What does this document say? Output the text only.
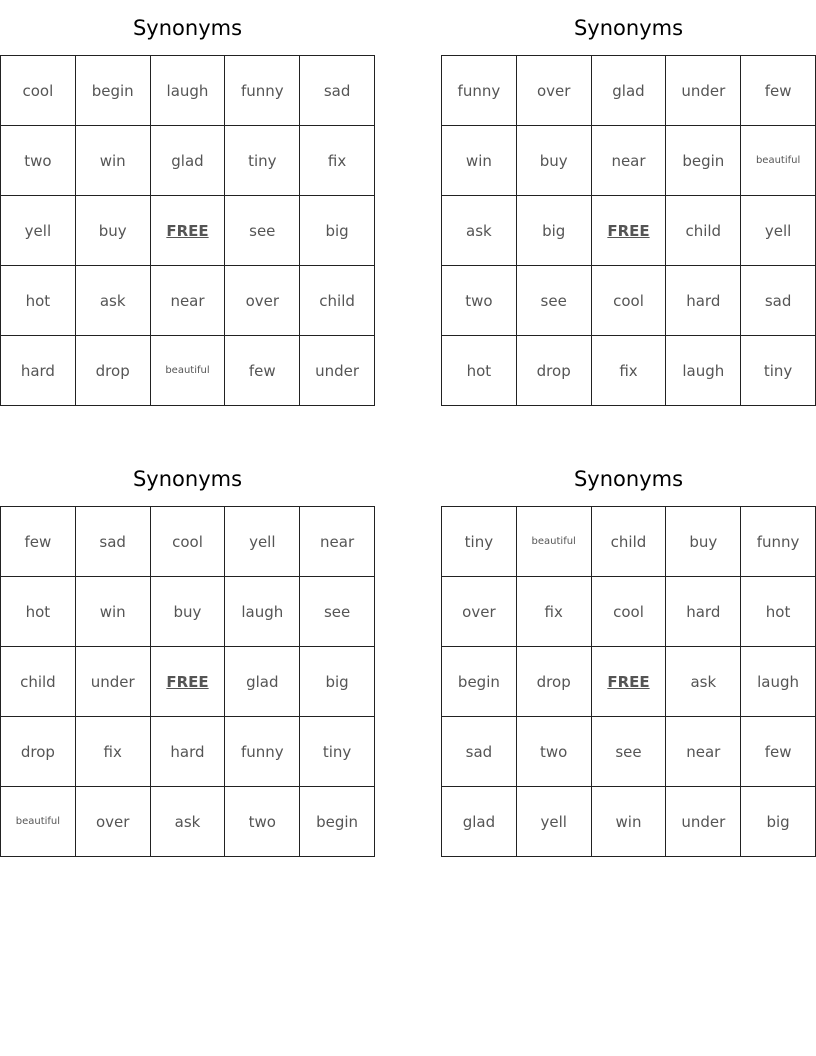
Synonyms
cool	begin	laugh	funny	sad
two	win	glad	tiny	fix
yell	buy	FREE	see	big
hot	ask	near	over	child
hard	drop	beautiful	few	under
Synonyms
funny	over	glad	under	few
win	buy	near	begin	beautiful
ask	big	FREE	child	yell
two	see	cool	hard	sad
hot	drop	fix	laugh	tiny
Synonyms
few	sad	cool	yell	near
hot	win	buy	laugh	see
child	under	FREE	glad	big
drop	fix	hard	funny	tiny
beautiful	over	ask	two	begin
Synonyms
tiny	beautiful	child	buy	funny
over	fix	cool	hard	hot
begin	drop	FREE	ask	laugh
sad	two	see	near	few
glad	yell	win	under	big
